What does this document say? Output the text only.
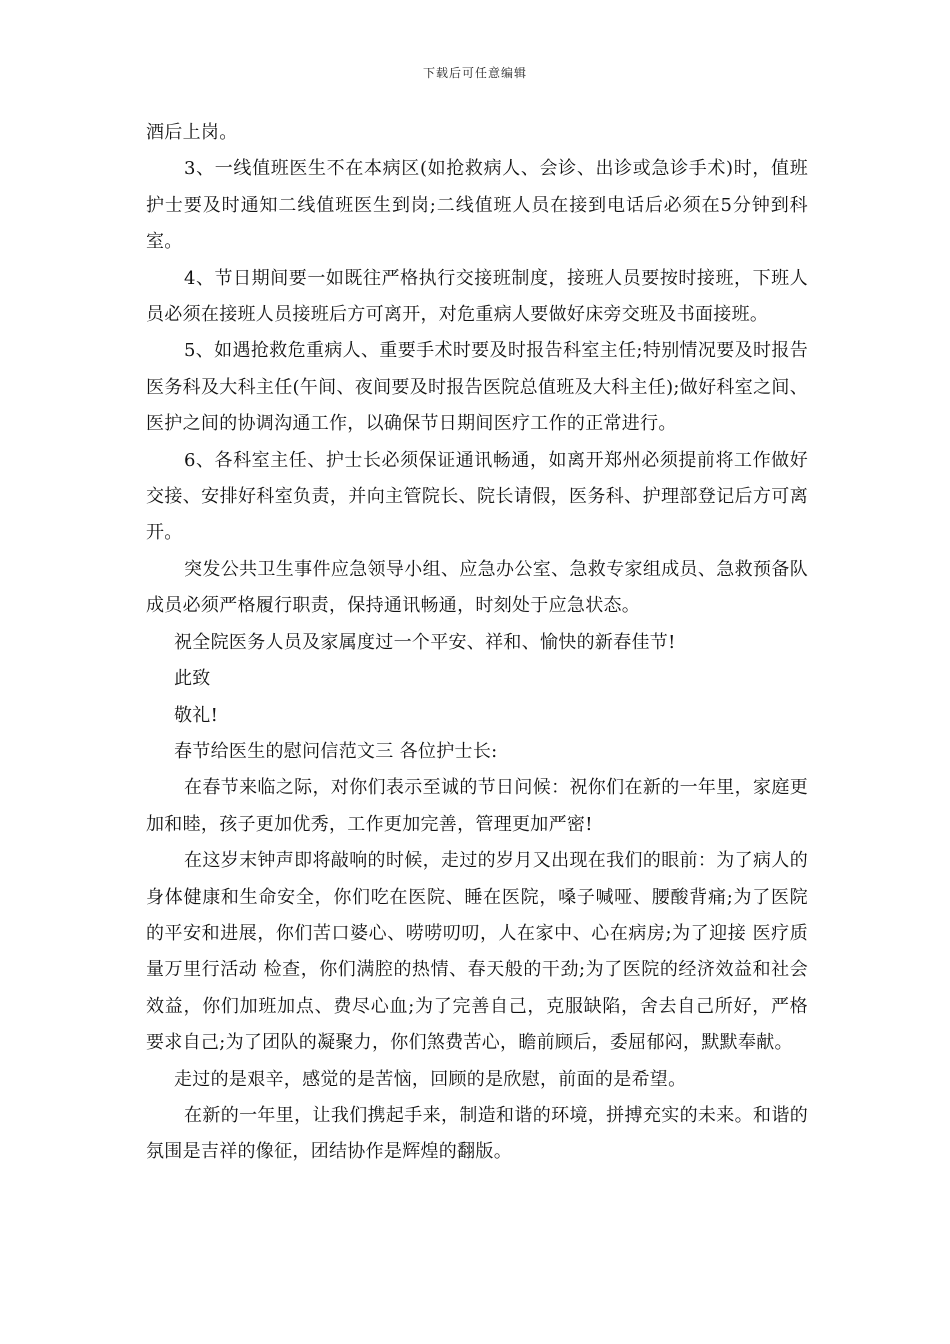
下载后可任意编辑

酒后上岗。

3、一线值班医生不在本病区(如抢救病人、会诊、出诊或急诊手术)时，值班护士要及时通知二线值班医生到岗;二线值班人员在接到电话后必须在5分钟到科室。

4、节日期间要一如既往严格执行交接班制度，接班人员要按时接班，下班人员必须在接班人员接班后方可离开，对危重病人要做好床旁交班及书面接班。

5、如遇抢救危重病人、重要手术时要及时报告科室主任;特别情况要及时报告医务科及大科主任(午间、夜间要及时报告医院总值班及大科主任);做好科室之间、医护之间的协调沟通工作，以确保节日期间医疗工作的正常进行。

6、各科室主任、护士长必须保证通讯畅通，如离开郑州必须提前将工作做好交接、安排好科室负责，并向主管院长、院长请假，医务科、护理部登记后方可离开。

突发公共卫生事件应急领导小组、应急办公室、急救专家组成员、急救预备队成员必须严格履行职责，保持通讯畅通，时刻处于应急状态。

祝全院医务人员及家属度过一个平安、祥和、愉快的新春佳节!

此致

敬礼!

春节给医生的慰问信范文三 各位护士长:

在春节来临之际，对你们表示至诚的节日问候：祝你们在新的一年里，家庭更加和睦，孩子更加优秀，工作更加完善，管理更加严密!

在这岁末钟声即将敲响的时候，走过的岁月又出现在我们的眼前：为了病人的身体健康和生命安全，你们吃在医院、睡在医院，嗓子喊哑、腰酸背痛;为了医院的平安和进展，你们苦口婆心、唠唠叨叨，人在家中、心在病房;为了迎接 医疗质量万里行活动 检查，你们满腔的热情、春天般的干劲;为了医院的经济效益和社会效益，你们加班加点、费尽心血;为了完善自己，克服缺陷，舍去自己所好，严格要求自己;为了团队的凝聚力，你们煞费苦心，瞻前顾后，委屈郁闷，默默奉献。

走过的是艰辛，感觉的是苦恼，回顾的是欣慰，前面的是希望。

在新的一年里，让我们携起手来，制造和谐的环境，拼搏充实的未来。和谐的氛围是吉祥的像征，团结协作是辉煌的翻版。
